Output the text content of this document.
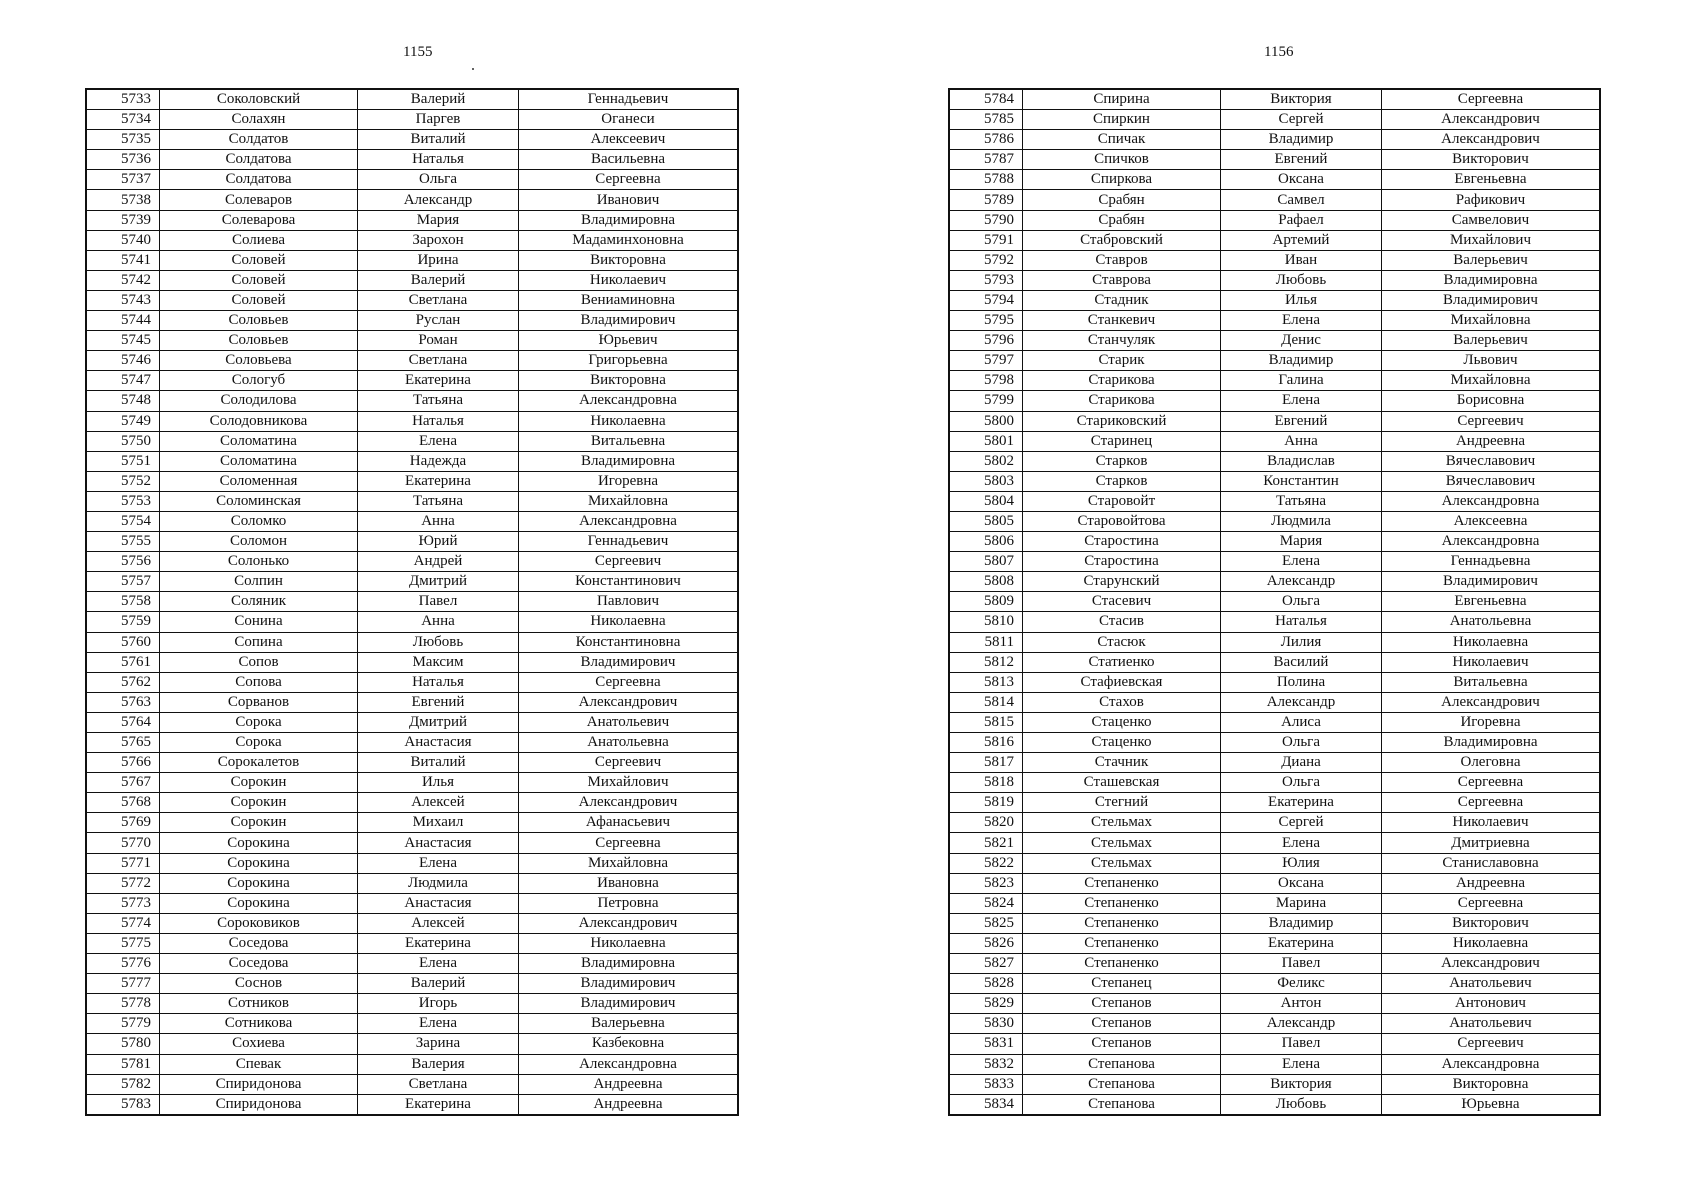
1155	1156
5733	Соколовский	Валерий	Геннадьевич
5734	Солахян	Паргев	Оганеси
5735	Солдатов	Виталий	Алексеевич
5736	Солдатова	Наталья	Васильевна
5737	Солдатова	Ольга	Сергеевна
5738	Солеваров	Александр	Иванович
5739	Солеварова	Мария	Владимировна
5740	Солиева	Зарохон	Мадаминхоновна
5741	Соловей	Ирина	Викторовна
5742	Соловей	Валерий	Николаевич
5743	Соловей	Светлана	Вениаминовна
5744	Соловьев	Руслан	Владимирович
5745	Соловьев	Роман	Юрьевич
5746	Соловьева	Светлана	Григорьевна
5747	Сологуб	Екатерина	Викторовна
5748	Солодилова	Татьяна	Александровна
5749	Солодовникова	Наталья	Николаевна
5750	Соломатина	Елена	Витальевна
5751	Соломатина	Надежда	Владимировна
5752	Соломенная	Екатерина	Игоревна
5753	Соломинская	Татьяна	Михайловна
5754	Соломко	Анна	Александровна
5755	Соломон	Юрий	Геннадьевич
5756	Солонько	Андрей	Сергеевич
5757	Солпин	Дмитрий	Константинович
5758	Соляник	Павел	Павлович
5759	Сонина	Анна	Николаевна
5760	Сопина	Любовь	Константиновна
5761	Сопов	Максим	Владимирович
5762	Сопова	Наталья	Сергеевна
5763	Сорванов	Евгений	Александрович
5764	Сорока	Дмитрий	Анатольевич
5765	Сорока	Анастасия	Анатольевна
5766	Сорокалетов	Виталий	Сергеевич
5767	Сорокин	Илья	Михайлович
5768	Сорокин	Алексей	Александрович
5769	Сорокин	Михаил	Афанасьевич
5770	Сорокина	Анастасия	Сергеевна
5771	Сорокина	Елена	Михайловна
5772	Сорокина	Людмила	Ивановна
5773	Сорокина	Анастасия	Петровна
5774	Сороковиков	Алексей	Александрович
5775	Соседова	Екатерина	Николаевна
5776	Соседова	Елена	Владимировна
5777	Соснов	Валерий	Владимирович
5778	Сотников	Игорь	Владимирович
5779	Сотникова	Елена	Валерьевна
5780	Сохиева	Зарина	Казбековна
5781	Спевак	Валерия	Александровна
5782	Спиридонова	Светлана	Андреевна
5783	Спиридонова	Екатерина	Андреевна
5784	Спирина	Виктория	Сергеевна
5785	Спиркин	Сергей	Александрович
5786	Спичак	Владимир	Александрович
5787	Спичков	Евгений	Викторович
5788	Спиркова	Оксана	Евгеньевна
5789	Срабян	Самвел	Рафикович
5790	Срабян	Рафаел	Самвелович
5791	Стабровский	Артемий	Михайлович
5792	Ставров	Иван	Валерьевич
5793	Ставрова	Любовь	Владимировна
5794	Стадник	Илья	Владимирович
5795	Станкевич	Елена	Михайловна
5796	Станчуляк	Денис	Валерьевич
5797	Старик	Владимир	Львович
5798	Старикова	Галина	Михайловна
5799	Старикова	Елена	Борисовна
5800	Стариковский	Евгений	Сергеевич
5801	Старинец	Анна	Андреевна
5802	Старков	Владислав	Вячеславович
5803	Старков	Константин	Вячеславович
5804	Старовойт	Татьяна	Александровна
5805	Старовойтова	Людмила	Алексеевна
5806	Старостина	Мария	Александровна
5807	Старостина	Елена	Геннадьевна
5808	Старунский	Александр	Владимирович
5809	Стасевич	Ольга	Евгеньевна
5810	Стасив	Наталья	Анатольевна
5811	Стасюк	Лилия	Николаевна
5812	Статиенко	Василий	Николаевич
5813	Стафиевская	Полина	Витальевна
5814	Стахов	Александр	Александрович
5815	Стаценко	Алиса	Игоревна
5816	Стаценко	Ольга	Владимировна
5817	Стачник	Диана	Олеговна
5818	Сташевская	Ольга	Сергеевна
5819	Стегний	Екатерина	Сергеевна
5820	Стельмах	Сергей	Николаевич
5821	Стельмах	Елена	Дмитриевна
5822	Стельмах	Юлия	Станиславовна
5823	Степаненко	Оксана	Андреевна
5824	Степаненко	Марина	Сергеевна
5825	Степаненко	Владимир	Викторович
5826	Степаненко	Екатерина	Николаевна
5827	Степаненко	Павел	Александрович
5828	Степанец	Феликс	Анатольевич
5829	Степанов	Антон	Антонович
5830	Степанов	Александр	Анатольевич
5831	Степанов	Павел	Сергеевич
5832	Степанова	Елена	Александровна
5833	Степанова	Виктория	Викторовна
5834	Степанова	Любовь	Юрьевна
